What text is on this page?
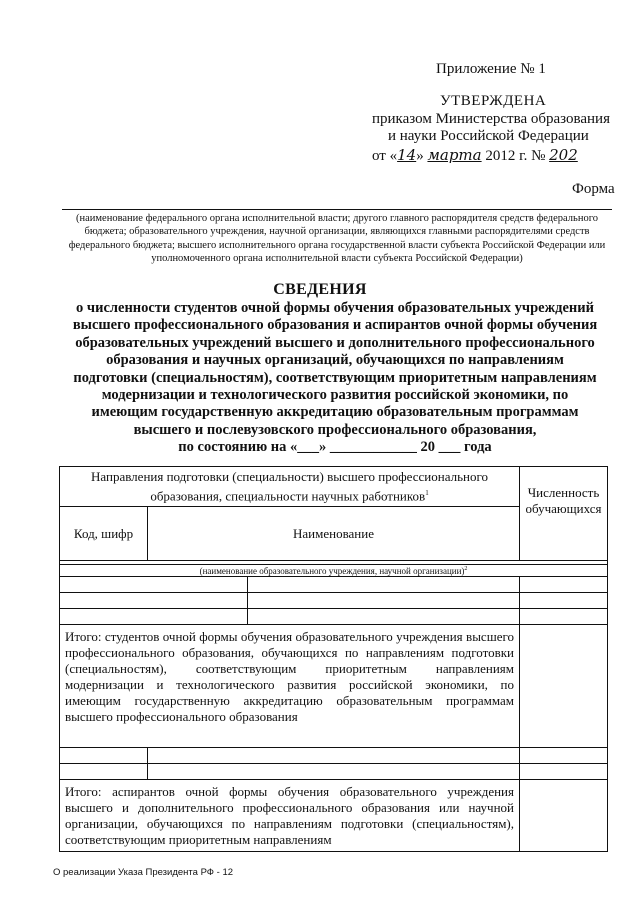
Приложение № 1
УТВЕРЖДЕНА
приказом Министерства образования
и науки Российской Федерации
от «14» марта 2012 г. № 202
Форма
(наименование федерального органа исполнительной власти; другого главного распорядителя средств федерального бюджета; образовательного учреждения, научной организации, являющихся главными распорядителями средств федерального бюджета; высшего исполнительного органа государственной власти субъекта Российской Федерации или уполномоченного органа исполнительной власти субъекта Российской Федерации)
СВЕДЕНИЯ
о численности студентов очной формы обучения образовательных учреждений
высшего профессионального образования и аспирантов очной формы обучения
образовательных учреждений высшего и дополнительного профессионального
образования и научных организаций, обучающихся по направлениям
подготовки (специальностям), соответствующим приоритетным направлениям
модернизации и технологического развития российской экономики, по
имеющим государственную аккредитацию образовательным программам
высшего и послевузовского профессионального образования,
по состоянию на «___» ____________ 20 ___ года
Направления подготовки (специальности) высшего профессионального образования, специальности научных работников$^1$			Численность обучающихся
Код, шифр	Наименование		

(наименование образовательного учреждения, научной организации)$^2$

Итого: студентов очной формы обучения образовательного учреждения высшего профессионального образования, обучающихся по направлениям подготовки (специальностям), соответствующим приоритетным направлениям модернизации и технологического развития российской экономики, по имеющим государственную аккредитацию образовательным программам высшего профессионального образования			

Итого: аспирантов очной формы обучения образовательного учреждения высшего и дополнительного профессионального образования или научной организации, обучающихся по направлениям подготовки (специальностям), соответствующим приоритетным направлениям			
О реализации Указа Президента РФ - 12
